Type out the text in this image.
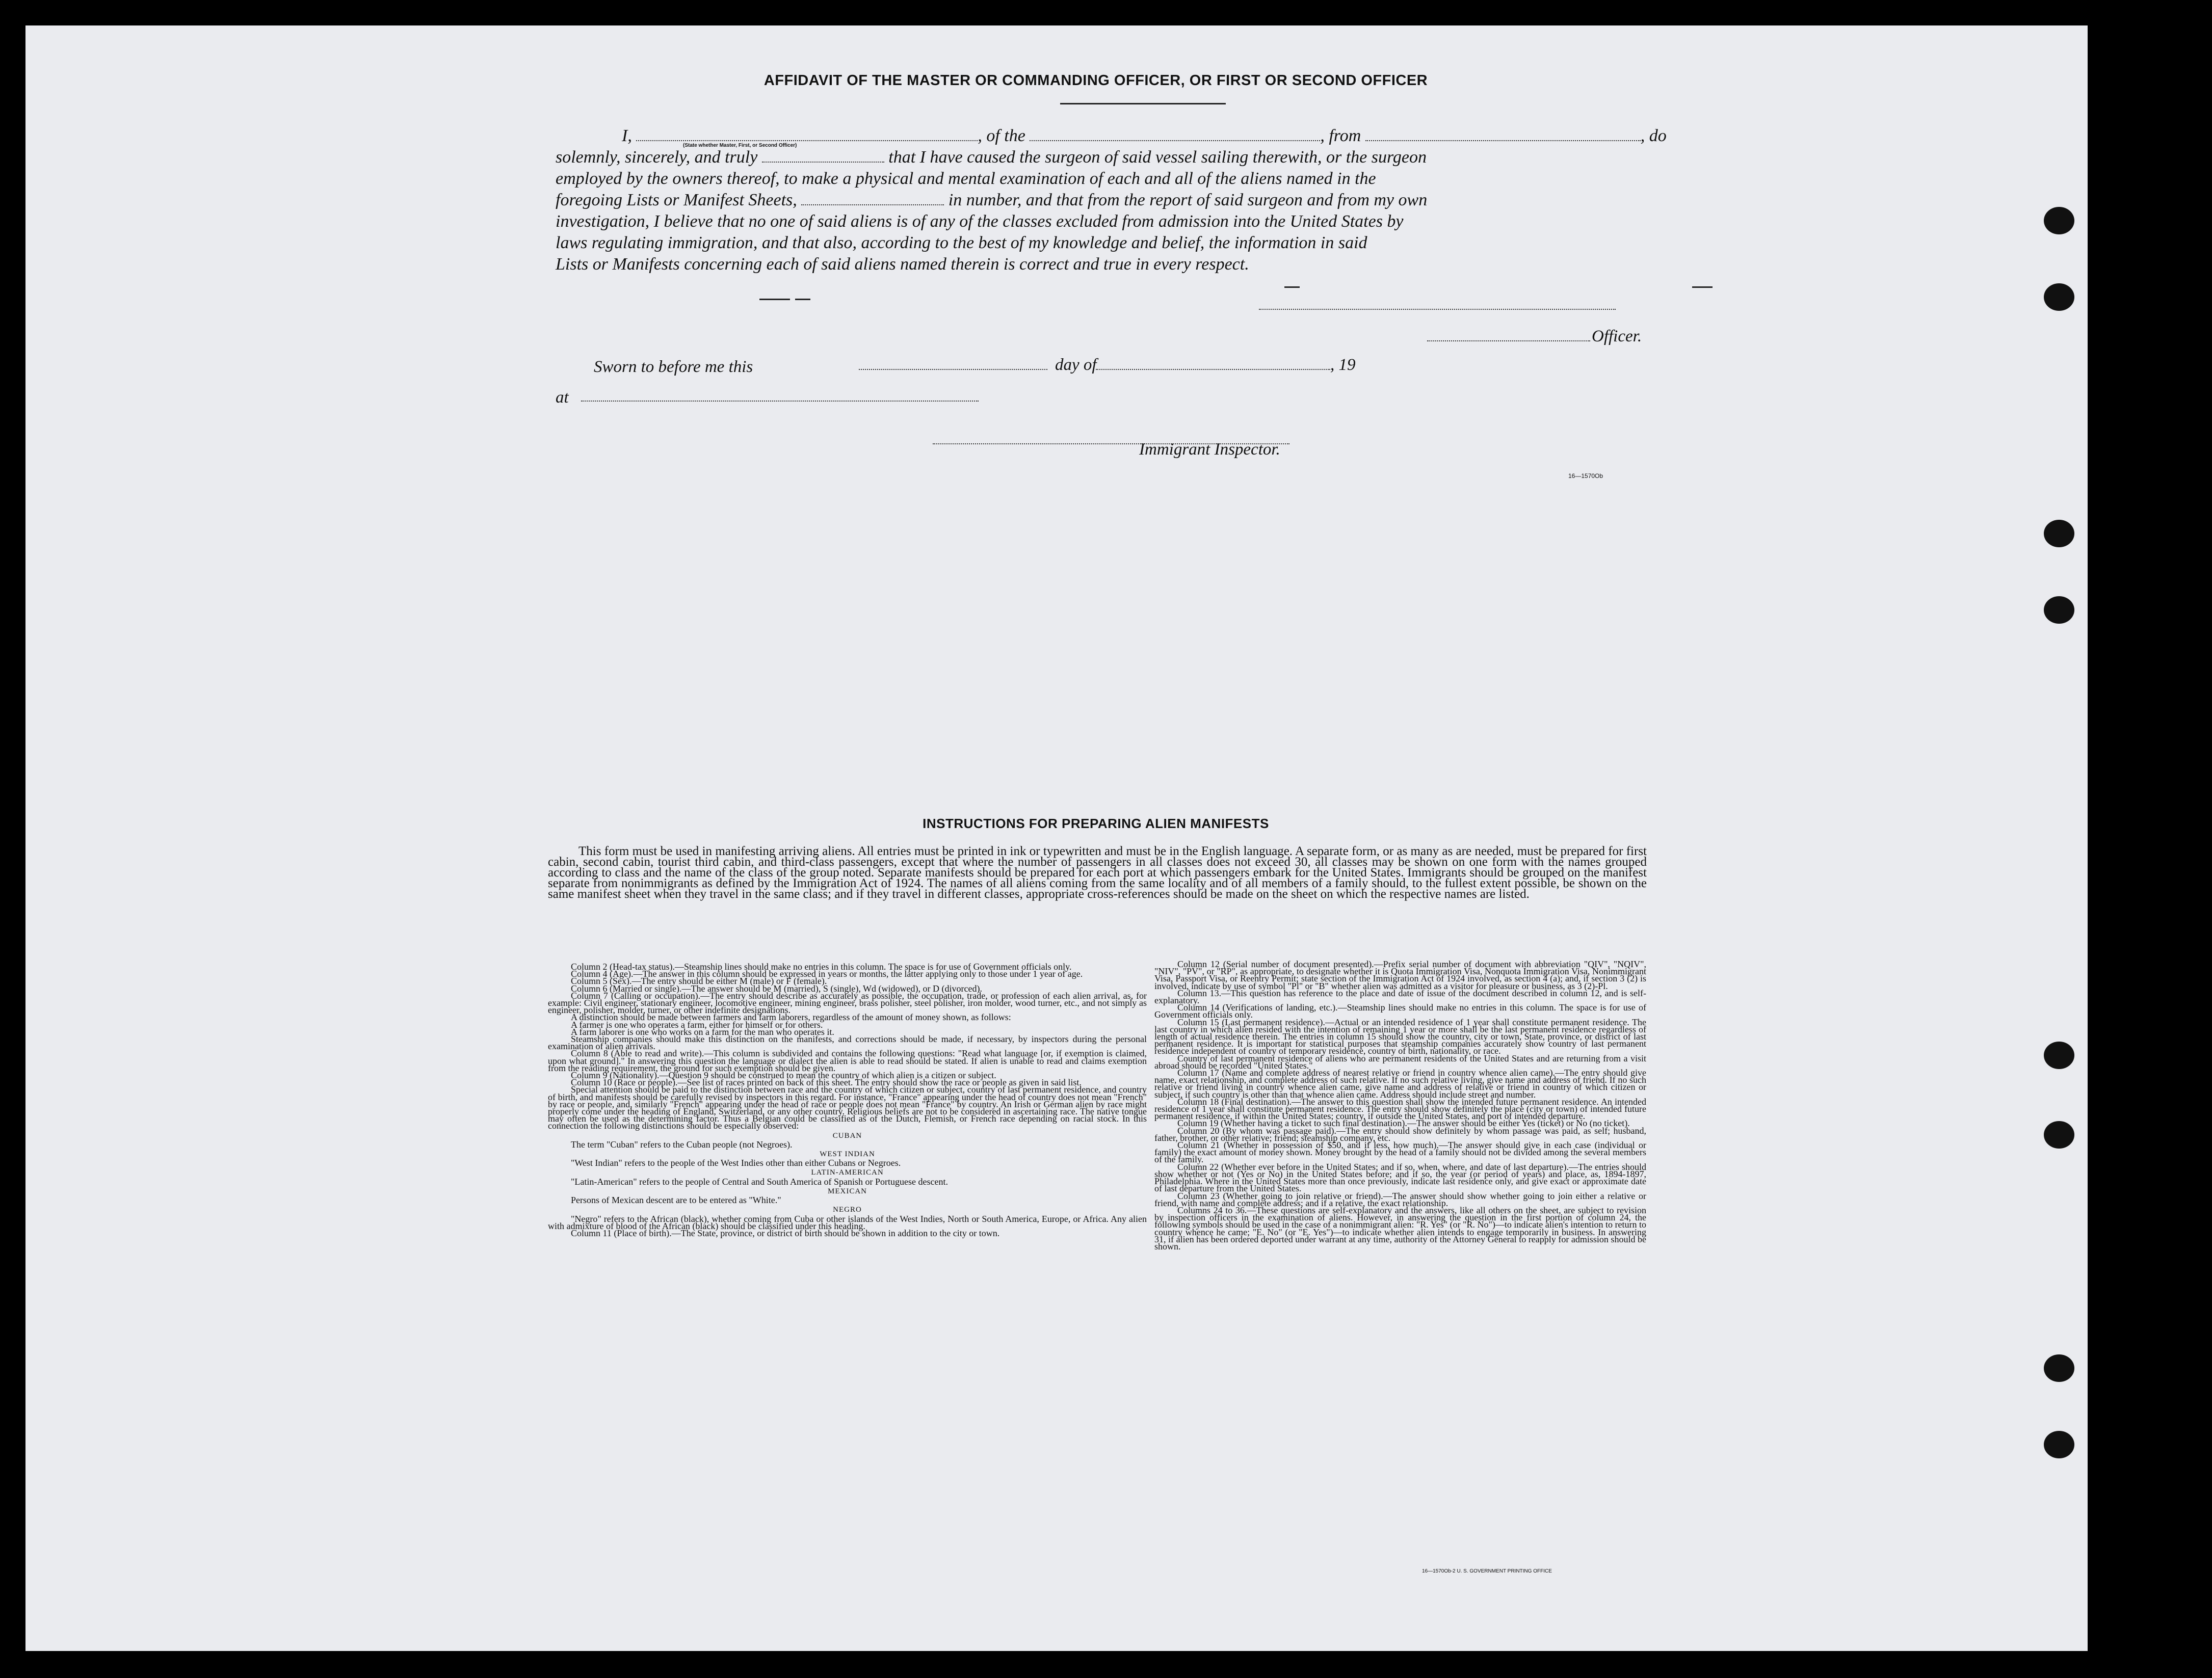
AFFIDAVIT OF THE MASTER OR COMMANDING OFFICER, OR FIRST OR SECOND OFFICER
I,	, of the	, from	, do
solemnly, sincerely, and truly	that I have caused the surgeon of said vessel sailing therewith, or the surgeon
employed by the owners thereof, to make a physical and mental examination of each and all of the aliens named in the
foregoing Lists or Manifest Sheets,	in number, and that from the report of said surgeon and from my own
investigation, I believe that no one of said aliens is of any of the classes excluded from admission into the United States by
laws regulating immigration, and that also, according to the best of my knowledge and belief, the information in said
Lists or Manifests concerning each of said aliens named therein is correct and true in every respect.
(State whether Master, First, or Second Officer)
Officer.
Sworn to before me this	day of	, 19
at
Immigrant Inspector.
16—1570Ob
INSTRUCTIONS FOR PREPARING ALIEN MANIFESTS
This form must be used in manifesting arriving aliens. All entries must be printed in ink or typewritten and must be in the English language. A separate form, or as many as are needed, must be prepared for first cabin, second cabin, tourist third cabin, and third-class passengers, except that where the number of passengers in all classes does not exceed 30, all classes may be shown on one form with the names grouped according to class and the name of the class of the group noted. Separate manifests should be prepared for each port at which passengers embark for the United States. Immigrants should be grouped on the manifest separate from nonimmigrants as defined by the Immigration Act of 1924. The names of all aliens coming from the same locality and of all members of a family should, to the fullest extent possible, be shown on the same manifest sheet when they travel in the same class; and if they travel in different classes, appropriate cross-references should be made on the sheet on which the respective names are listed.

Column 2 (Head-tax status).—Steamship lines should make no entries in this column. The space is for use of Government officials only.

Column 4 (Age).—The answer in this column should be expressed in years or months, the latter applying only to those under 1 year of age.

Column 5 (Sex).—The entry should be either M (male) or F (female).

Column 6 (Married or single).—The answer should be M (married), S (single), Wd (widowed), or D (divorced).

Column 7 (Calling or occupation).—The entry should describe as accurately as possible, the occupation, trade, or profession of each alien arrival, as, for example: Civil engineer, stationary engineer, locomotive engineer, mining engineer, brass polisher, steel polisher, iron molder, wood turner, etc., and not simply as engineer, polisher, molder, turner, or other indefinite designations.

A distinction should be made between farmers and farm laborers, regardless of the amount of money shown, as follows:

A farmer is one who operates a farm, either for himself or for others.

A farm laborer is one who works on a farm for the man who operates it.

Steamship companies should make this distinction on the manifests, and corrections should be made, if necessary, by inspectors during the personal examination of alien arrivals.

Column 8 (Able to read and write).—This column is subdivided and contains the following questions: "Read what language [or, if exemption is claimed, upon what ground]." In answering this question the language or dialect the alien is able to read should be stated. If alien is unable to read and claims exemption from the reading requirement, the ground for such exemption should be given.

Column 9 (Nationality).—Question 9 should be construed to mean the country of which alien is a citizen or subject.

Column 10 (Race or people).—See list of races printed on back of this sheet. The entry should show the race or people as given in said list.

Special attention should be paid to the distinction between race and the country of which citizen or subject, country of last permanent residence, and country of birth, and manifests should be carefully revised by inspectors in this regard. For instance, "France" appearing under the head of country does not mean "French" by race or people, and, similarly "French" appearing under the head of race or people does not mean "France" by country. An Irish or German alien by race might properly come under the heading of England, Switzerland, or any other country. Religious beliefs are not to be considered in ascertaining race. The native tongue may often be used as the determining factor. Thus a Belgian could be classified as of the Dutch, Flemish, or French race depending on racial stock. In this connection the following distinctions should be especially observed:

CUBAN

The term "Cuban" refers to the Cuban people (not Negroes).

WEST INDIAN

"West Indian" refers to the people of the West Indies other than either Cubans or Negroes.

LATIN-AMERICAN

"Latin-American" refers to the people of Central and South America of Spanish or Portuguese descent.

MEXICAN

Persons of Mexican descent are to be entered as "White."

NEGRO

"Negro" refers to the African (black), whether coming from Cuba or other islands of the West Indies, North or South America, Europe, or Africa. Any alien with admixture of blood of the African (black) should be classified under this heading.

Column 11 (Place of birth).—The State, province, or district of birth should be shown in addition to the city or town.

Column 12 (Serial number of document presented).—Prefix serial number of document with abbreviation "QIV", "NQIV", "NIV", "PV", or "RP", as appropriate, to designate whether it is Quota Immigration Visa, Nonquota Immigration Visa, Nonimmigrant Visa, Passport Visa, or Reentry Permit; state section of the Immigration Act of 1924 involved, as section 4 (a); and, if section 3 (2) is involved, indicate by use of symbol "Pl" or "B" whether alien was admitted as a visitor for pleasure or business, as 3 (2)-Pl.

Column 13.—This question has reference to the place and date of issue of the document described in column 12, and is self-explanatory.

Column 14 (Verifications of landing, etc.).—Steamship lines should make no entries in this column. The space is for use of Government officials only.

Column 15 (Last permanent residence).—Actual or an intended residence of 1 year shall constitute permanent residence. The last country in which alien resided with the intention of remaining 1 year or more shall be the last permanent residence regardless of length of actual residence therein. The entries in column 15 should show the country, city or town, State, province, or district of last permanent residence. It is important for statistical purposes that steamship companies accurately show country of last permanent residence independent of country of temporary residence, country of birth, nationality, or race.

Country of last permanent residence of aliens who are permanent residents of the United States and are returning from a visit abroad should be recorded "United States."

Column 17 (Name and complete address of nearest relative or friend in country whence alien came).—The entry should give name, exact relationship, and complete address of such relative. If no such relative living, give name and address of friend. If no such relative or friend living in country whence alien came, give name and address of relative or friend in country of which citizen or subject, if such country is other than that whence alien came. Address should include street and number.

Column 18 (Final destination).—The answer to this question shall show the intended future permanent residence. An intended residence of 1 year shall constitute permanent residence. The entry should show definitely the place (city or town) of intended future permanent residence, if within the United States; country, if outside the United States, and port of intended departure.

Column 19 (Whether having a ticket to such final destination).—The answer should be either Yes (ticket) or No (no ticket).

Column 20 (By whom was passage paid).—The entry should show definitely by whom passage was paid, as self; husband, father, brother, or other relative; friend; steamship company, etc.

Column 21 (Whether in possession of $50, and if less, how much).—The answer should give in each case (individual or family) the exact amount of money shown. Money brought by the head of a family should not be divided among the several members of the family.

Column 22 (Whether ever before in the United States; and if so, when, where, and date of last departure).—The entries should show whether or not (Yes or No) in the United States before; and if so, the year (or period of years) and place, as, 1894-1897, Philadelphia. Where in the United States more than once previously, indicate last residence only, and give exact or approximate date of last departure from the United States.

Column 23 (Whether going to join relative or friend).—The answer should show whether going to join either a relative or friend, with name and complete address; and if a relative, the exact relationship.

Columns 24 to 36.—These questions are self-explanatory and the answers, like all others on the sheet, are subject to revision by inspection officers in the examination of aliens. However, in answering the question in the first portion of column 24, the following symbols should be used in the case of a nonimmigrant alien: "R. Yes" (or "R. No")—to indicate alien's intention to return to country whence he came; "E. No" (or "E. Yes")—to indicate whether alien intends to engage temporarily in business. In answering 31, if alien has been ordered deported under warrant at any time, authority of the Attorney General to reapply for admission should be shown.

16—1570Ob-2 U. S. GOVERNMENT PRINTING OFFICE
